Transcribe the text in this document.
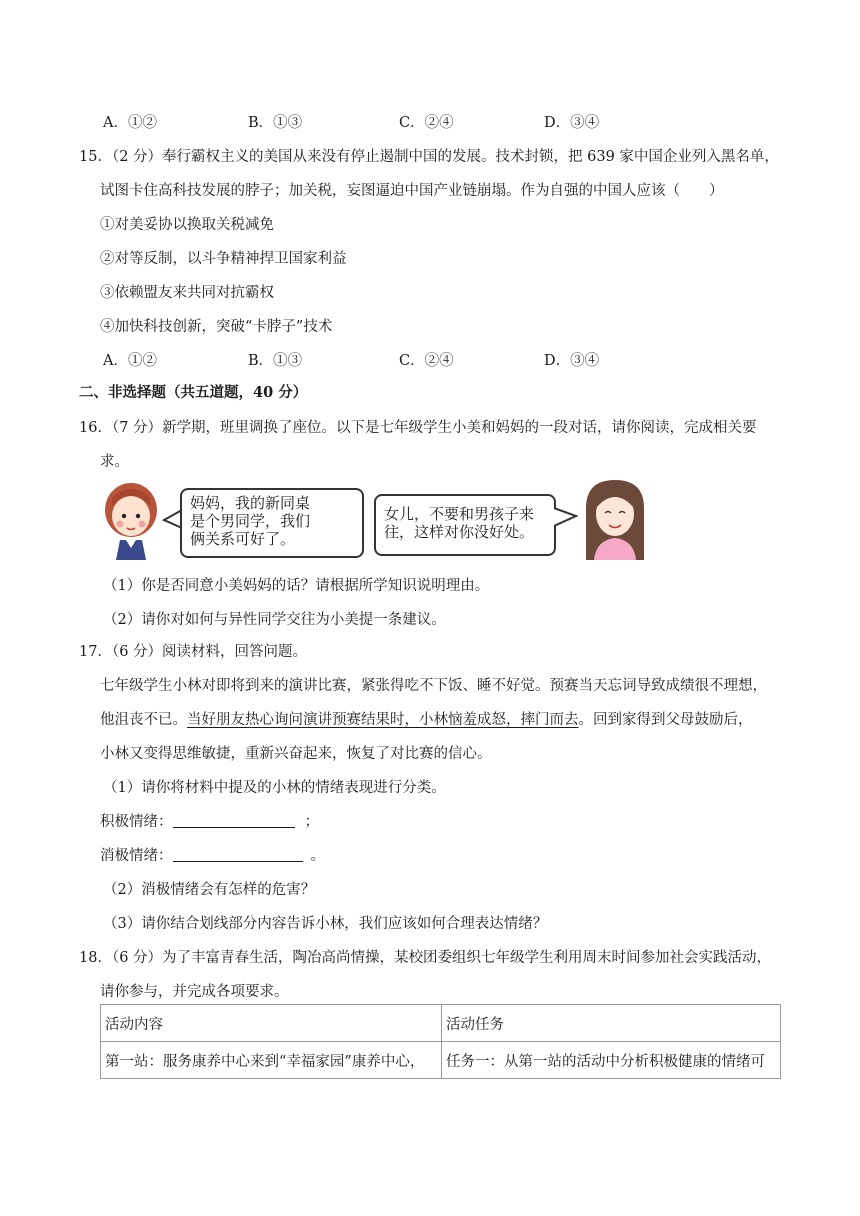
A．①②	B．①③	C．②④	D．③④
15．（2 分）奉行霸权主义的美国从来没有停止遏制中国的发展。技术封锁，把 639 家中国企业列入黑名单，
试图卡住高科技发展的脖子；加关税，妄图逼迫中国产业链崩塌。作为自强的中国人应该（　　）
①对美妥协以换取关税减免
②对等反制，以斗争精神捍卫国家利益
③依赖盟友来共同对抗霸权
④加快科技创新，突破“卡脖子”技术
A．①②	B．①③	C．②④	D．③④
二、非选择题（共五道题，40 分）
16．（7 分）新学期，班里调换了座位。以下是七年级学生小美和妈妈的一段对话，请你阅读，完成相关要
求。
妈妈，我的新同桌
是个男同学，我们
俩关系可好了。
女儿，不要和男孩子来
往，这样对你没好处。
（1）你是否同意小美妈妈的话？请根据所学知识说明理由。
（2）请你对如何与异性同学交往为小美提一条建议。
17．（6 分）阅读材料，回答问题。
七年级学生小林对即将到来的演讲比赛，紧张得吃不下饭、睡不好觉。预赛当天忘词导致成绩很不理想，
他沮丧不已。当好朋友热心询问演讲预赛结果时，小林恼羞成怒，摔门而去。回到家得到父母鼓励后，
小林又变得思维敏捷，重新兴奋起来，恢复了对比赛的信心。
（1）请你将材料中提及的小林的情绪表现进行分类。
积极情绪：	；
消极情绪：	。
（2）消极情绪会有怎样的危害？
（3）请你结合划线部分内容告诉小林，我们应该如何合理表达情绪？
18．（6 分）为了丰富青春生活，陶冶高尚情操，某校团委组织七年级学生利用周末时间参加社会实践活动，
请你参与，并完成各项要求。
活动内容	活动任务
第一站：服务康养中心来到“幸福家园”康养中心，	任务一：从第一站的活动中分析积极健康的情绪可
